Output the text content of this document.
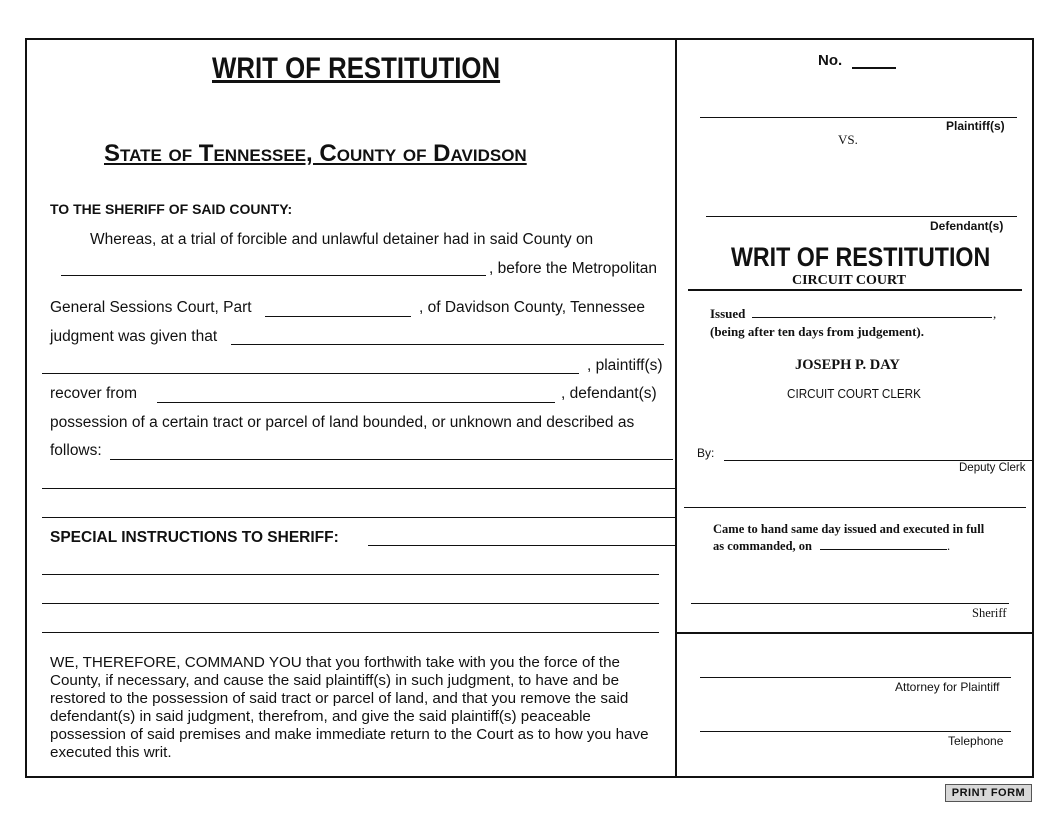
WRIT OF RESTITUTION
State of Tennessee, County of Davidson
TO THE SHERIFF OF SAID COUNTY:
Whereas, at a trial of forcible and unlawful detainer had in said County on
, before the Metropolitan
General Sessions Court, Part	, of Davidson County, Tennessee
judgment was given that
, plaintiff(s)
recover from	, defendant(s)
possession of a certain tract or parcel of land bounded, or unknown and described as
follows:
SPECIAL INSTRUCTIONS TO SHERIFF:
WE, THEREFORE, COMMAND YOU that you forthwith take with you the force of the County, if necessary, and cause the said plaintiff(s) in such judgment, to have and be restored to the possession of said tract or parcel of land, and that you remove the said defendant(s) in said judgment, therefrom, and give the said plaintiff(s) peaceable possession of said premises and make immediate return to the Court as to how you have executed this writ.
No.
Plaintiff(s)
VS.
Defendant(s)
WRIT OF RESTITUTION
CIRCUIT COURT
Issued	,
(being after ten days from judgement).
JOSEPH P. DAY
CIRCUIT COURT CLERK
By:
Deputy Clerk
Came to hand same day issued and executed in full
as commanded, on	.
Sheriff
Attorney for Plaintiff
Telephone
PRINT FORM
